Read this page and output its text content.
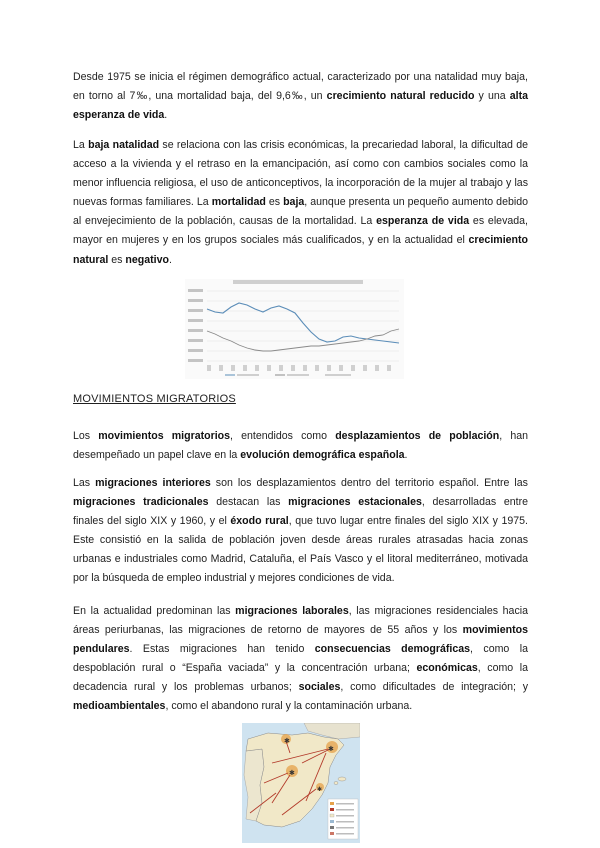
Desde 1975 se inicia el régimen demográfico actual, caracterizado por una natalidad muy baja, en torno al 7‰, una mortalidad baja, del 9,6‰, un crecimiento natural reducido y una alta esperanza de vida.

La baja natalidad se relaciona con las crisis económicas, la precariedad laboral, la dificultad de acceso a la vivienda y el retraso en la emancipación, así como con cambios sociales como la menor influencia religiosa, el uso de anticonceptivos, la incorporación de la mujer al trabajo y las nuevas formas familiares. La mortalidad es baja, aunque presenta un pequeño aumento debido al envejecimiento de la población, causas de la mortalidad. La esperanza de vida es elevada, mayor en mujeres y en los grupos sociales más cualificados, y en la actualidad el crecimiento natural es negativo.

MOVIMIENTOS MIGRATORIOS

Los movimientos migratorios, entendidos como desplazamientos de población, han desempeñado un papel clave en la evolución demográfica española.

Las migraciones interiores son los desplazamientos dentro del territorio español. Entre las migraciones tradicionales destacan las migraciones estacionales, desarrolladas entre finales del siglo XIX y 1960, y el éxodo rural, que tuvo lugar entre finales del siglo XIX y 1975. Este consistió en la salida de población joven desde áreas rurales atrasadas hacia zonas urbanas e industriales como Madrid, Cataluña, el País Vasco y el litoral mediterráneo, motivada por la búsqueda de empleo industrial y mejores condiciones de vida.

En la actualidad predominan las migraciones laborales, las migraciones residenciales hacia áreas periurbanas, las migraciones de retorno de mayores de 55 años y los movimientos pendulares. Estas migraciones han tenido consecuencias demográficas, como la despoblación rural o “España vaciada” y la concentración urbana; económicas, como la decadencia rural y los problemas urbanos; sociales, como dificultades de integración; y medioambientales, como el abandono rural y la contaminación urbana.

✱
✱
✱
✱
